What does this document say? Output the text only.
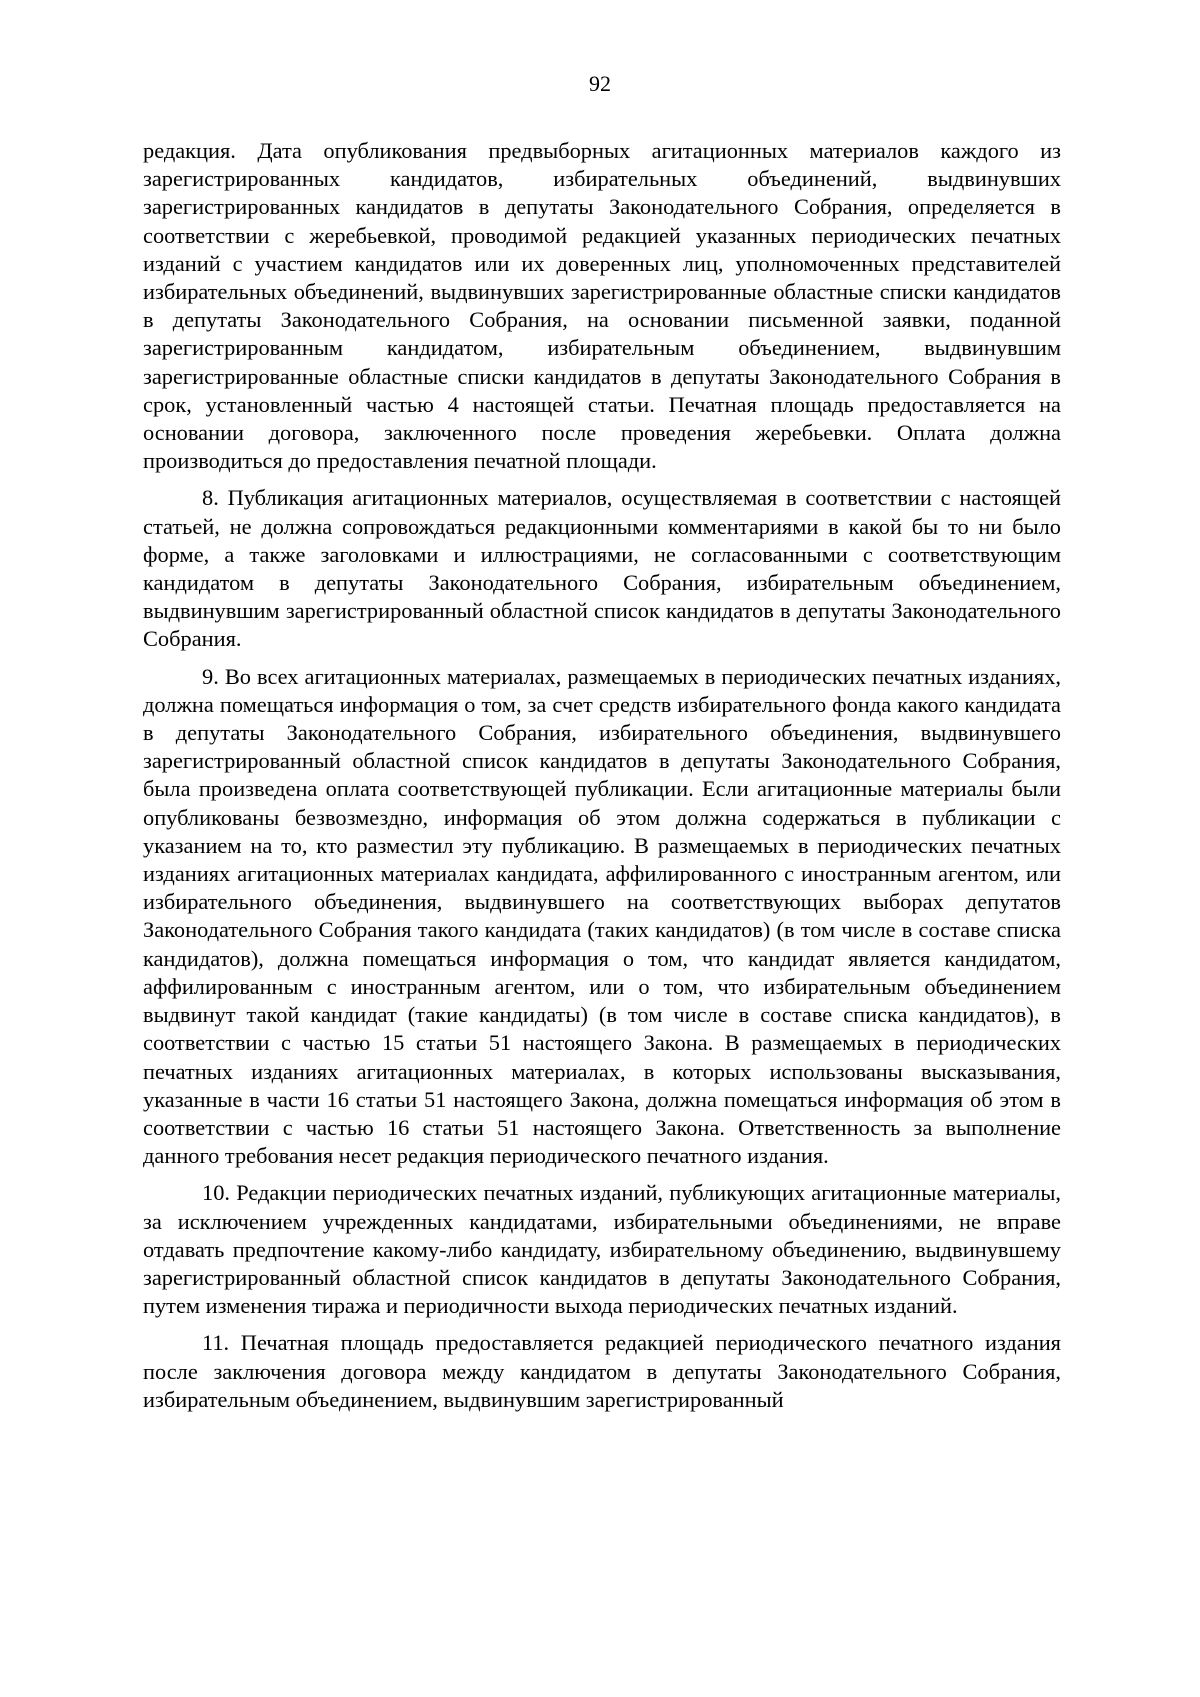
92

редакция. Дата опубликования предвыборных агитационных материалов каждого из зарегистрированных кандидатов, избирательных объединений, выдвинувших зарегистрированных кандидатов в депутаты Законодательного Собрания, определяется в соответствии с жеребьевкой, проводимой редакцией указанных периодических печатных изданий с участием кандидатов или их доверенных лиц, уполномоченных представителей избирательных объединений, выдвинувших зарегистрированные областные списки кандидатов в депутаты Законодательного Собрания, на основании письменной заявки, поданной зарегистрированным кандидатом, избирательным объединением, выдвинувшим зарегистрированные областные списки кандидатов в депутаты Законодательного Собрания в срок, установленный частью 4 настоящей статьи. Печатная площадь предоставляется на основании договора, заключенного после проведения жеребьевки. Оплата должна производиться до предоставления печатной площади.

8. Публикация агитационных материалов, осуществляемая в соответствии с настоящей статьей, не должна сопровождаться редакционными комментариями в какой бы то ни было форме, а также заголовками и иллюстрациями, не согласованными с соответствующим кандидатом в депутаты Законодательного Собрания, избирательным объединением, выдвинувшим зарегистрированный областной список кандидатов в депутаты Законодательного Собрания.

9. Во всех агитационных материалах, размещаемых в периодических печатных изданиях, должна помещаться информация о том, за счет средств избирательного фонда какого кандидата в депутаты Законодательного Собрания, избирательного объединения, выдвинувшего зарегистрированный областной список кандидатов в депутаты Законодательного Собрания, была произведена оплата соответствующей публикации. Если агитационные материалы были опубликованы безвозмездно, информация об этом должна содержаться в публикации с указанием на то, кто разместил эту публикацию. В размещаемых в периодических печатных изданиях агитационных материалах кандидата, аффилированного с иностранным агентом, или избирательного объединения, выдвинувшего на соответствующих выборах депутатов Законодательного Собрания такого кандидата (таких кандидатов) (в том числе в составе списка кандидатов), должна помещаться информация о том, что кандидат является кандидатом, аффилированным с иностранным агентом, или о том, что избирательным объединением выдвинут такой кандидат (такие кандидаты) (в том числе в составе списка кандидатов), в соответствии с частью 15 статьи 51 настоящего Закона. В размещаемых в периодических печатных изданиях агитационных материалах, в которых использованы высказывания, указанные в части 16 статьи 51 настоящего Закона, должна помещаться информация об этом в соответствии с частью 16 статьи 51 настоящего Закона. Ответственность за выполнение данного требования несет редакция периодического печатного издания.

10. Редакции периодических печатных изданий, публикующих агитационные материалы, за исключением учрежденных кандидатами, избирательными объединениями, не вправе отдавать предпочтение какому-либо кандидату, избирательному объединению, выдвинувшему зарегистрированный областной список кандидатов в депутаты Законодательного Собрания, путем изменения тиража и периодичности выхода периодических печатных изданий.

11. Печатная площадь предоставляется редакцией периодического печатного издания после заключения договора между кандидатом в депутаты Законодательного Собрания, избирательным объединением, выдвинувшим зарегистрированный
